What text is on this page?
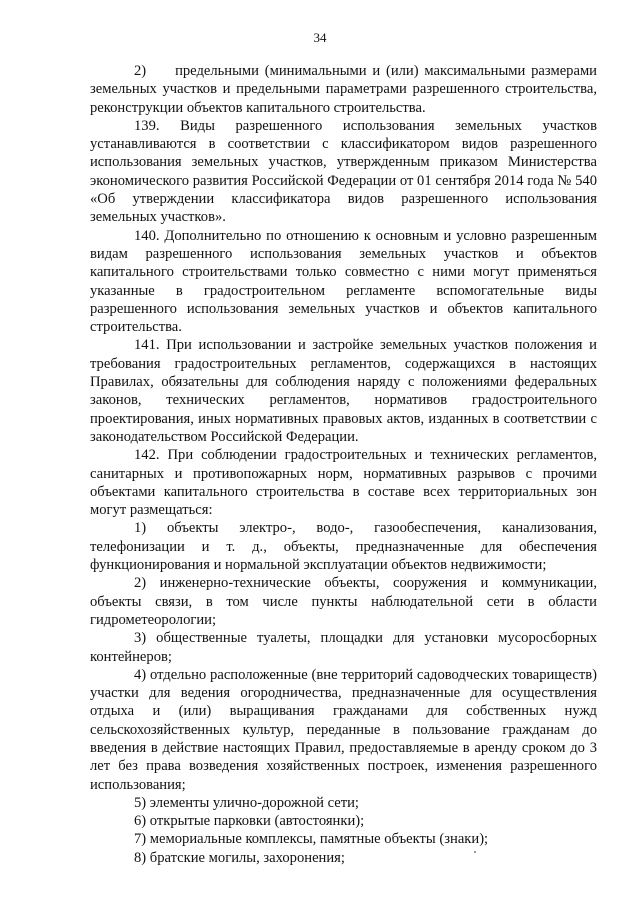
34

2)     предельными (минимальными и (или) максимальными размерами земельных участков и предельными параметрами разрешенного строительства, реконструкции объектов капитального строительства.

139. Виды разрешенного использования земельных участков устанавливаются в соответствии с классификатором видов разрешенного использования земельных участков, утвержденным приказом Министерства экономического развития Российской Федерации от 01 сентября 2014 года № 540 «Об утверждении классификатора видов разрешенного использования земельных участков».

140. Дополнительно по отношению к основным и условно разрешенным видам разрешенного использования земельных участков и объектов капитального строительствами только совместно с ними могут применяться указанные в градостроительном регламенте вспомогательные виды разрешенного использования земельных участков и объектов капитального строительства.

141. При использовании и застройке земельных участков положения и требования градостроительных регламентов, содержащихся в настоящих Правилах, обязательны для соблюдения наряду с положениями федеральных законов, технических регламентов, нормативов градостроительного проектирования, иных нормативных правовых актов, изданных в соответствии с законодательством Российской Федерации.

142. При соблюдении градостроительных и технических регламентов, санитарных и противопожарных норм, нормативных разрывов с прочими объектами капитального строительства в составе всех территориальных зон могут размещаться:

1) объекты электро-, водо-, газообеспечения, канализования, телефонизации и т. д., объекты, предназначенные для обеспечения функционирования и нормальной эксплуатации объектов недвижимости;

2) инженерно-технические объекты, сооружения и коммуникации, объекты связи, в том числе пункты наблюдательной сети в области гидрометеорологии;

3) общественные туалеты, площадки для установки мусоросборных контейнеров;

4) отдельно расположенные (вне территорий садоводческих товариществ) участки для ведения огородничества, предназначенные для осуществления отдыха и (или) выращивания гражданами для собственных нужд сельскохозяйственных культур, переданные в пользование гражданам до введения в действие настоящих Правил, предоставляемые в аренду сроком до 3 лет без права возведения хозяйственных построек, изменения разрешенного использования;

5) элементы улично-дорожной сети;

6) открытые парковки (автостоянки);

7) мемориальные комплексы, памятные объекты (знаки);

8) братские могилы, захоронения;
